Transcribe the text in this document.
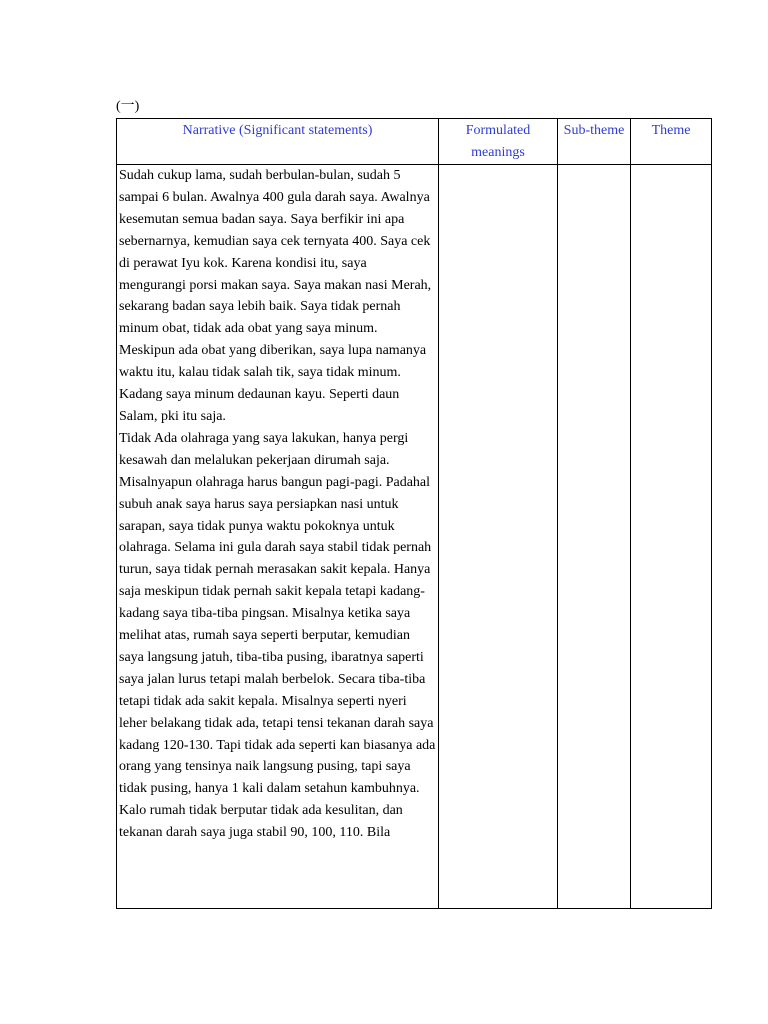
(一)
Narrative (Significant statements)	Formulated meanings	Sub-theme	Theme

Sudah cukup lama, sudah berbulan-bulan, sudah 5 sampai 6 bulan. Awalnya 400 gula darah saya. Awalnya kesemutan semua badan saya. Saya berfikir ini apa sebernarnya, kemudian saya cek ternyata 400. Saya cek di perawat Iyu kok. Karena kondisi itu, saya mengurangi porsi makan saya. Saya makan nasi Merah, sekarang badan saya lebih baik. Saya tidak pernah minum obat, tidak ada obat yang saya minum. Meskipun ada obat yang diberikan, saya lupa namanya waktu itu, kalau tidak salah tik, saya tidak minum. Kadang saya minum dedaunan kayu. Seperti daun Salam, pki itu saja.
Tidak Ada olahraga yang saya lakukan, hanya pergi kesawah dan melalukan pekerjaan dirumah saja. Misalnyapun olahraga harus bangun pagi-pagi. Padahal subuh anak saya harus saya persiapkan nasi untuk sarapan, saya tidak punya waktu pokoknya untuk olahraga. Selama ini gula darah saya stabil tidak pernah turun, saya tidak pernah merasakan sakit kepala. Hanya saja meskipun tidak pernah sakit kepala tetapi kadang-kadang saya tiba-tiba pingsan. Misalnya ketika saya melihat atas, rumah saya seperti berputar, kemudian saya langsung jatuh, tiba-tiba pusing, ibaratnya saperti saya jalan lurus tetapi malah berbelok. Secara tiba-tiba tetapi tidak ada sakit kepala. Misalnya seperti nyeri leher belakang tidak ada, tetapi tensi tekanan darah saya kadang 120-130. Tapi tidak ada seperti kan biasanya ada orang yang tensinya naik langsung pusing, tapi saya tidak pusing, hanya 1 kali dalam setahun kambuhnya.
Kalo rumah tidak berputar tidak ada kesulitan, dan tekanan darah saya juga stabil 90, 100, 110. Bila			
